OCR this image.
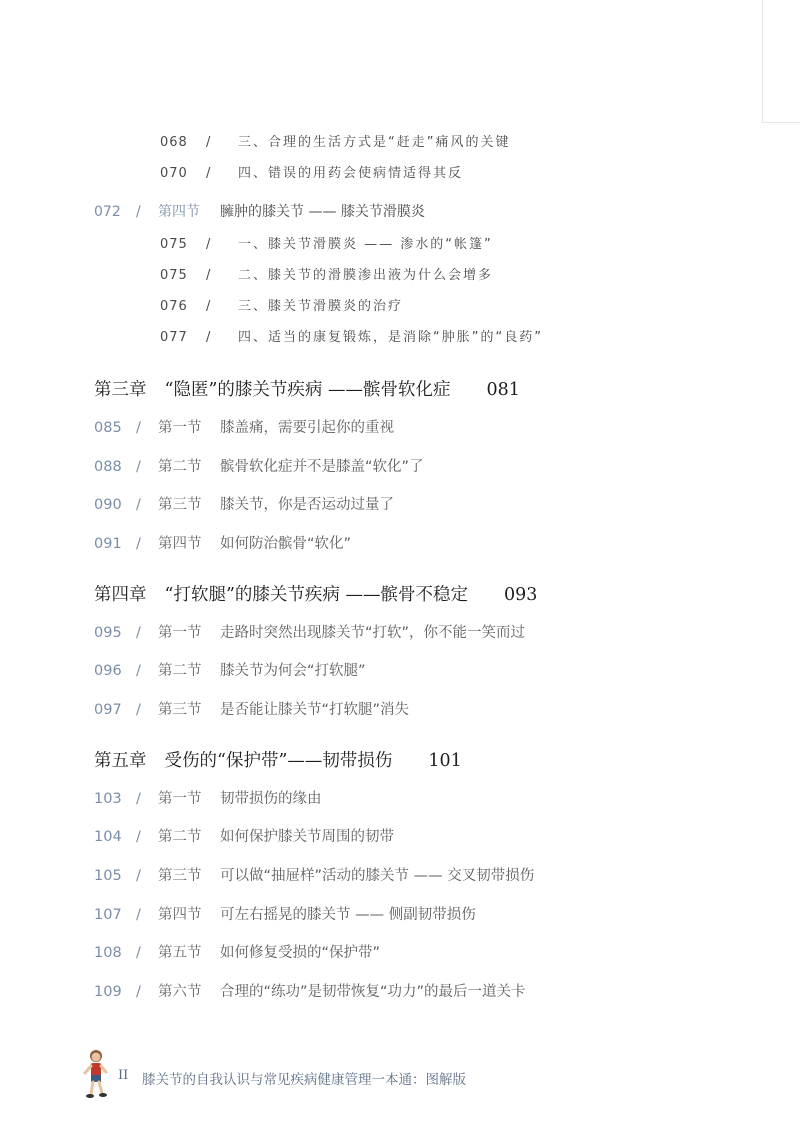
068 / 三、合理的生活方式是“赶走”痛风的关键
070 / 四、错误的用药会使病情适得其反
072 / 第四节 臃肿的膝关节 —— 膝关节滑膜炎
075 / 一、膝关节滑膜炎 —— 渗水的“帐篷”
075 / 二、膝关节的滑膜渗出液为什么会增多
076 / 三、膝关节滑膜炎的治疗
077 / 四、适当的康复锻炼，是消除“肿胀”的“良药”
第三章 “隐匿”的膝关节疾病 ——髌骨软化症 081
085 / 第一节 膝盖痛，需要引起你的重视
088 / 第二节 髌骨软化症并不是膝盖“软化”了
090 / 第三节 膝关节，你是否运动过量了
091 / 第四节 如何防治髌骨“软化”
第四章 “打软腿”的膝关节疾病 ——髌骨不稳定 093
095 / 第一节 走路时突然出现膝关节“打软”，你不能一笑而过
096 / 第二节 膝关节为何会“打软腿”
097 / 第三节 是否能让膝关节“打软腿”消失
第五章 受伤的“保护带”——韧带损伤 101
103 / 第一节 韧带损伤的缘由
104 / 第二节 如何保护膝关节周围的韧带
105 / 第三节 可以做“抽屉样”活动的膝关节 —— 交叉韧带损伤
107 / 第四节 可左右摇晃的膝关节 —— 侧副韧带损伤
108 / 第五节 如何修复受损的“保护带”
109 / 第六节 合理的“练功”是韧带恢复“功力”的最后一道关卡
II 膝关节的自我认识与常见疾病健康管理一本通：图解版
